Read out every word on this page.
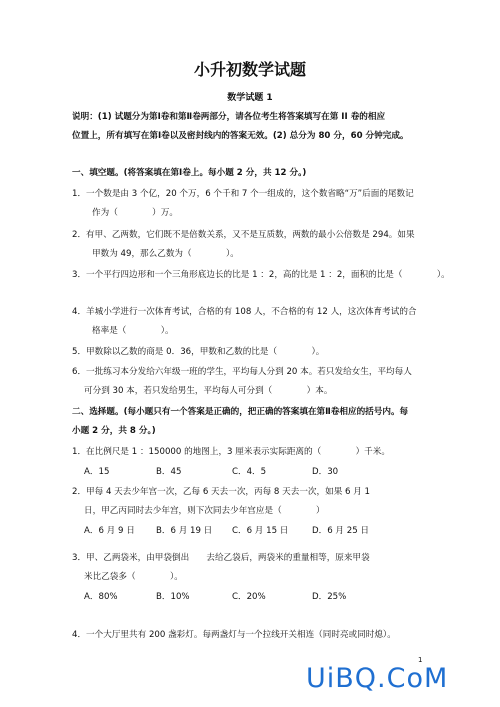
小升初数学试题
数学试题 1
说明：(1) 试题分为第Ⅰ卷和第Ⅱ卷两部分，请各位考生将答案填写在第 II 卷的相应
位置上，所有填写在第Ⅰ卷以及密封线内的答案无效。(2) 总分为 80 分，60 分钟完成。
一、填空题。(将答案填在第Ⅰ卷上。每小题 2 分，共 12 分。)
1．一个数是由 3 个亿，20 个万，6 个千和 7 个一组成的，这个数省略“万”后面的尾数记
作为（　　　　）万。
2．有甲、乙两数，它们既不是倍数关系，又不是互质数，两数的最小公倍数是 294。如果
甲数为 49，那么乙数为（　　　　）。
3．一个平行四边形和一个三角形底边长的比是 1 ：2，高的比是 1 ：2，面积的比是（　　　　）。
4．羊城小学进行一次体育考试，合格的有 108 人，不合格的有 12 人，这次体育考试的合
格率是（　　　　）。
5．甲数除以乙数的商是 0．36，甲数和乙数的比是（　　　　）。
6．一批练习本分发给六年级一班的学生，平均每人分到 20 本。若只发给女生，平均每人
可分到 30 本，若只发给男生，平均每人可分到（　　　　）本。
二、选择题。(每小题只有一个答案是正确的，把正确的答案填在第Ⅱ卷相应的括号内。每
小题 2 分，共 8 分。)
1．在比例尺是 1 ：150000 的地图上，3 厘米表示实际距离的（　　　　）千米。
A．15	B．45	C．4．5	D．30
2．甲每 4 天去少年宫一次，乙每 6 天去一次，丙每 8 天去一次，如果 6 月 1
日，甲乙丙同时去少年宫，则下次同去少年宫应是（　　　　）
A．6 月 9 日 B．6 月 19 日 C．6 月 15 日	D．6 月 25 日
3．甲、乙两袋米，由甲袋倒出　　去给乙袋后，两袋米的重量相等，原来甲袋
米比乙袋多（　　　　）。
A．80%	B．10%	C．20%	D．25%
4．一个大厅里共有 200 盏彩灯。每两盏灯与一个拉线开关相连（同时亮或同时熄）。
1
UiBQ.CoM
